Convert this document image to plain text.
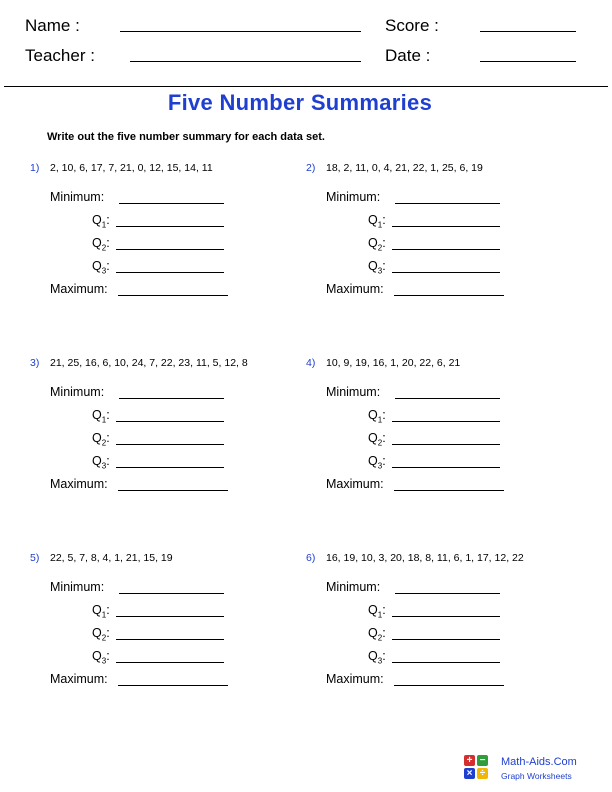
Name :	Score :
Teacher :	Date :
Five Number Summaries
Write out the five number summary for each data set.
1) 2, 10, 6, 17, 7, 21, 0, 12, 15, 14, 11
Minimum:
$Q_1$:
$Q_2$:
$Q_3$:
Maximum:
2) 18, 2, 11, 0, 4, 21, 22, 1, 25, 6, 19
Minimum:
$Q_1$:
$Q_2$:
$Q_3$:
Maximum:
3) 21, 25, 16, 6, 10, 24, 7, 22, 23, 11, 5, 12, 8
Minimum:
$Q_1$:
$Q_2$:
$Q_3$:
Maximum:
4) 10, 9, 19, 16, 1, 20, 22, 6, 21
Minimum:
$Q_1$:
$Q_2$:
$Q_3$:
Maximum:
5) 22, 5, 7, 8, 4, 1, 21, 15, 19
Minimum:
$Q_1$:
$Q_2$:
$Q_3$:
Maximum:
6) 16, 19, 10, 3, 20, 18, 8, 11, 6, 1, 17, 12, 22
Minimum:
$Q_1$:
$Q_2$:
$Q_3$:
Maximum:
+ −
× ÷
Math-Aids.Com
Graph Worksheets
